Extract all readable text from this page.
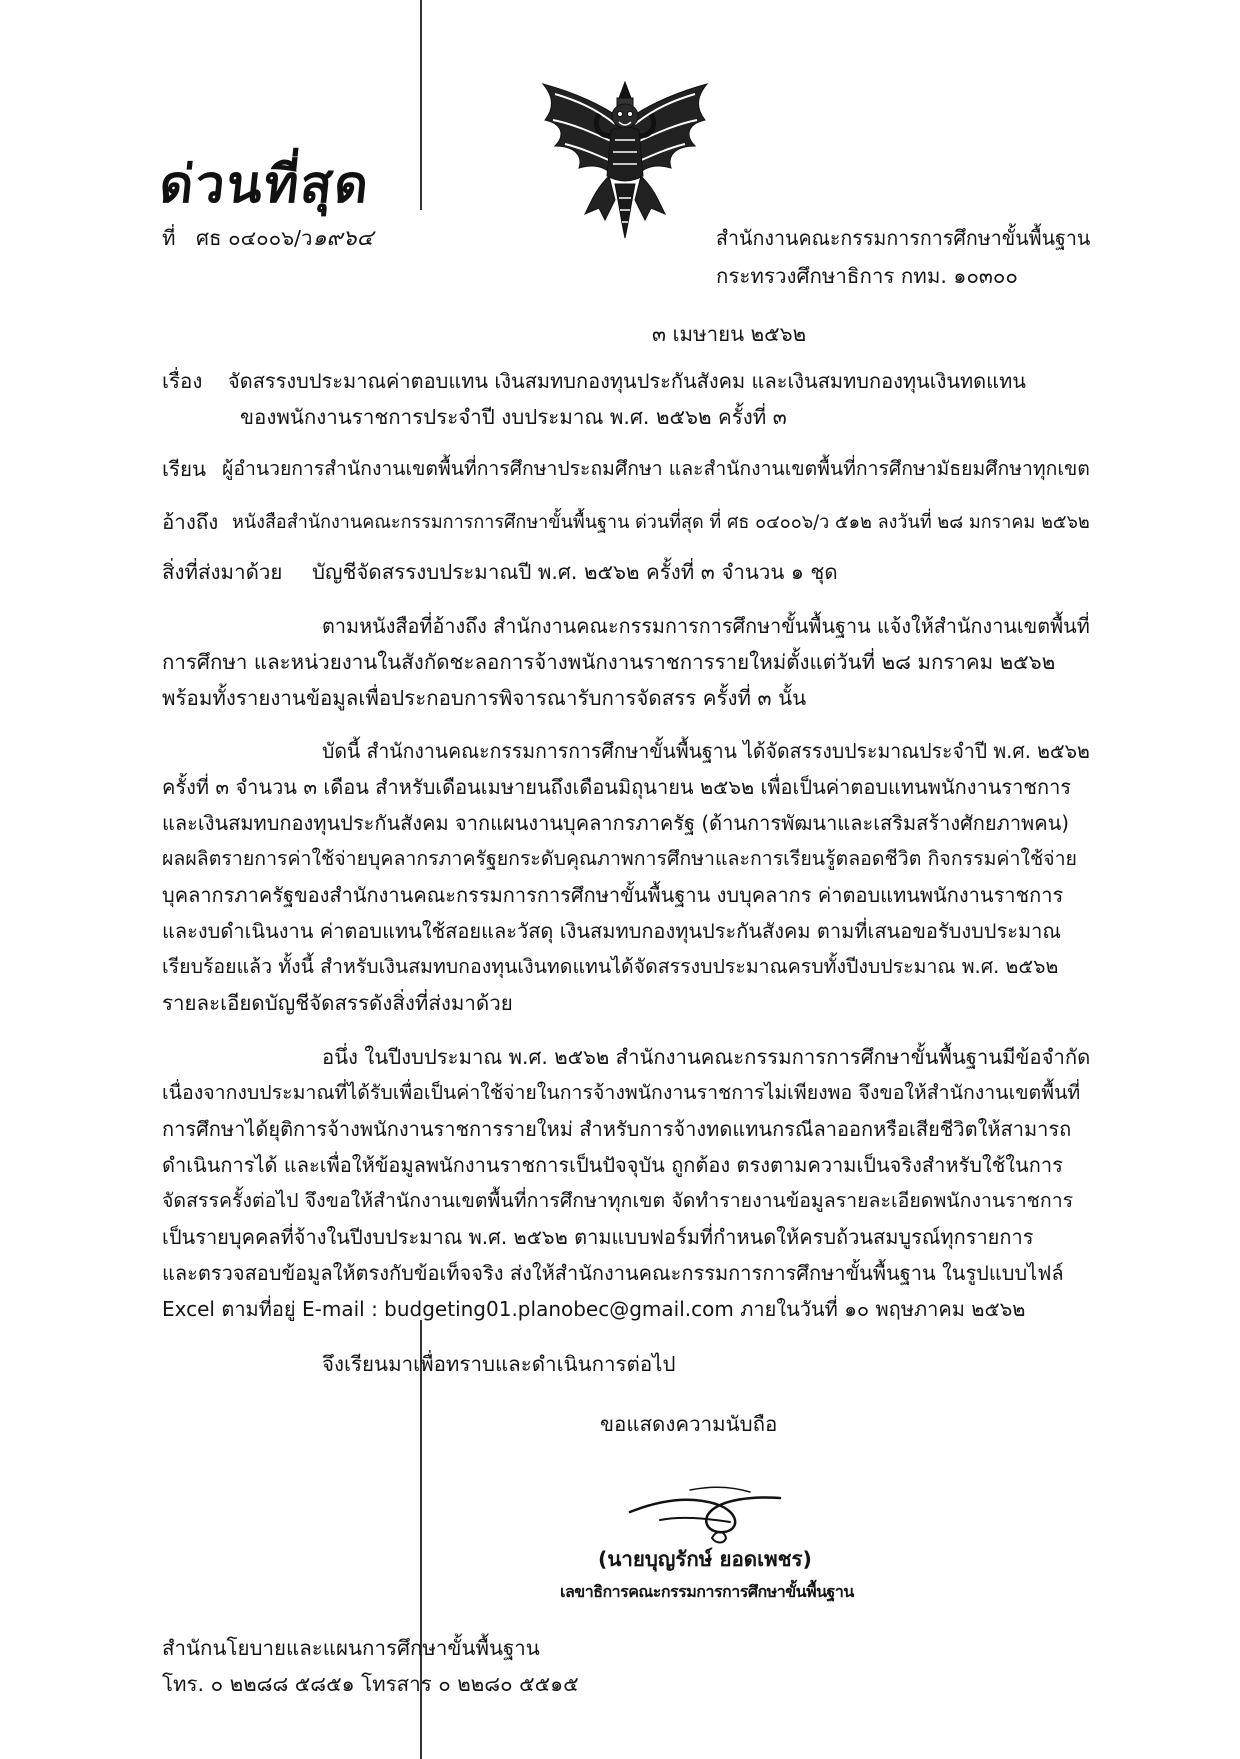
ด่วนที่สุด
ที่ ศธ ๐๔๐๐๖/ว๑๙๖๔	สำนักงานคณะกรรมการการศึกษาขั้นพื้นฐาน
กระทรวงศึกษาธิการ กทม. ๑๐๓๐๐
๓ เมษายน ๒๕๖๒
เรื่อง จัดสรรงบประมาณค่าตอบแทน เงินสมทบกองทุนประกันสังคม และเงินสมทบกองทุนเงินทดแทน
ของพนักงานราชการประจำปี งบประมาณ พ.ศ. ๒๕๖๒ ครั้งที่ ๓
เรียน ผู้อำนวยการสำนักงานเขตพื้นที่การศึกษาประถมศึกษา และสำนักงานเขตพื้นที่การศึกษามัธยมศึกษาทุกเขต
อ้างถึง หนังสือสำนักงานคณะกรรมการการศึกษาขั้นพื้นฐาน ด่วนที่สุด ที่ ศธ ๐๔๐๐๖/ว ๕๑๒ ลงวันที่ ๒๘ มกราคม ๒๕๖๒
สิ่งที่ส่งมาด้วย บัญชีจัดสรรงบประมาณปี พ.ศ. ๒๕๖๒ ครั้งที่ ๓ จำนวน ๑ ชุด
ตามหนังสือที่อ้างถึง สำนักงานคณะกรรมการการศึกษาขั้นพื้นฐาน แจ้งให้สำนักงานเขตพื้นที่
การศึกษา และหน่วยงานในสังกัดชะลอการจ้างพนักงานราชการรายใหม่ตั้งแต่วันที่ ๒๘ มกราคม ๒๕๖๒
พร้อมทั้งรายงานข้อมูลเพื่อประกอบการพิจารณารับการจัดสรร ครั้งที่ ๓ นั้น
บัดนี้ สำนักงานคณะกรรมการการศึกษาขั้นพื้นฐาน ได้จัดสรรงบประมาณประจำปี พ.ศ. ๒๕๖๒
ครั้งที่ ๓ จำนวน ๓ เดือน สำหรับเดือนเมษายนถึงเดือนมิถุนายน ๒๕๖๒ เพื่อเป็นค่าตอบแทนพนักงานราชการ
และเงินสมทบกองทุนประกันสังคม จากแผนงานบุคลากรภาครัฐ (ด้านการพัฒนาและเสริมสร้างศักยภาพคน)
ผลผลิตรายการค่าใช้จ่ายบุคลากรภาครัฐยกระดับคุณภาพการศึกษาและการเรียนรู้ตลอดชีวิต กิจกรรมค่าใช้จ่าย
บุคลากรภาครัฐของสำนักงานคณะกรรมการการศึกษาขั้นพื้นฐาน งบบุคลากร ค่าตอบแทนพนักงานราชการ
และงบดำเนินงาน ค่าตอบแทนใช้สอยและวัสดุ เงินสมทบกองทุนประกันสังคม ตามที่เสนอขอรับงบประมาณ
เรียบร้อยแล้ว ทั้งนี้ สำหรับเงินสมทบกองทุนเงินทดแทนได้จัดสรรงบประมาณครบทั้งปีงบประมาณ พ.ศ. ๒๕๖๒
รายละเอียดบัญชีจัดสรรดังสิ่งที่ส่งมาด้วย
อนึ่ง ในปีงบประมาณ พ.ศ. ๒๕๖๒ สำนักงานคณะกรรมการการศึกษาขั้นพื้นฐานมีข้อจำกัด
เนื่องจากงบประมาณที่ได้รับเพื่อเป็นค่าใช้จ่ายในการจ้างพนักงานราชการไม่เพียงพอ จึงขอให้สำนักงานเขตพื้นที่
การศึกษาได้ยุติการจ้างพนักงานราชการรายใหม่ สำหรับการจ้างทดแทนกรณีลาออกหรือเสียชีวิตให้สามารถ
ดำเนินการได้ และเพื่อให้ข้อมูลพนักงานราชการเป็นปัจจุบัน ถูกต้อง ตรงตามความเป็นจริงสำหรับใช้ในการ
จัดสรรครั้งต่อไป จึงขอให้สำนักงานเขตพื้นที่การศึกษาทุกเขต จัดทำรายงานข้อมูลรายละเอียดพนักงานราชการ
เป็นรายบุคคลที่จ้างในปีงบประมาณ พ.ศ. ๒๕๖๒ ตามแบบฟอร์มที่กำหนดให้ครบถ้วนสมบูรณ์ทุกรายการ
และตรวจสอบข้อมูลให้ตรงกับข้อเท็จจริง ส่งให้สำนักงานคณะกรรมการการศึกษาขั้นพื้นฐาน ในรูปแบบไฟล์
Excel ตามที่อยู่ E-mail : budgeting01.planobec@gmail.com ภายในวันที่ ๑๐ พฤษภาคม ๒๕๖๒
จึงเรียนมาเพื่อทราบและดำเนินการต่อไป
ขอแสดงความนับถือ
(นายบุญรักษ์ ยอดเพชร)
เลขาธิการคณะกรรมการการศึกษาขั้นพื้นฐาน
สำนักนโยบายและแผนการศึกษาขั้นพื้นฐาน
โทร. ๐ ๒๒๘๘ ๕๘๕๑ โทรสาร ๐ ๒๒๘๐ ๕๕๑๕
